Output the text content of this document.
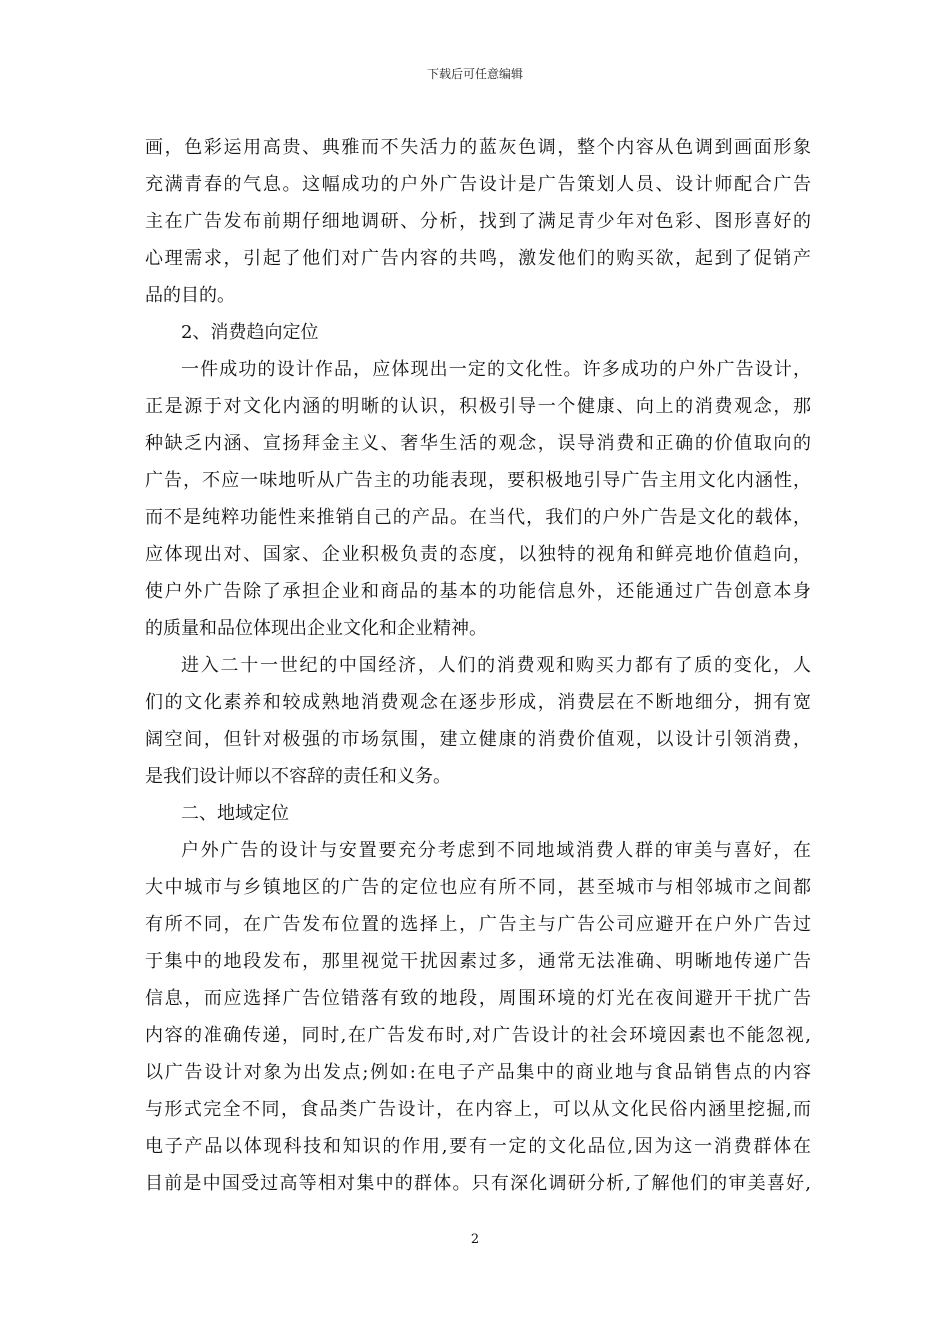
下载后可任意编辑
画，色彩运用高贵、典雅而不失活力的蓝灰色调，整个内容从色调到画面形象
充满青春的气息。这幅成功的户外广告设计是广告策划人员、设计师配合广告
主在广告发布前期仔细地调研、分析，找到了满足青少年对色彩、图形喜好的
心理需求，引起了他们对广告内容的共鸣，激发他们的购买欲，起到了促销产
品的目的。
2、消费趋向定位
一件成功的设计作品，应体现出一定的文化性。许多成功的户外广告设计，
正是源于对文化内涵的明晰的认识，积极引导一个健康、向上的消费观念，那
种缺乏内涵、宣扬拜金主义、奢华生活的观念，误导消费和正确的价值取向的
广告，不应一味地听从广告主的功能表现，要积极地引导广告主用文化内涵性，
而不是纯粹功能性来推销自己的产品。在当代，我们的户外广告是文化的载体，
应体现出对、国家、企业积极负责的态度，以独特的视角和鲜亮地价值趋向，
使户外广告除了承担企业和商品的基本的功能信息外，还能通过广告创意本身
的质量和品位体现出企业文化和企业精神。
进入二十一世纪的中国经济，人们的消费观和购买力都有了质的变化，人
们的文化素养和较成熟地消费观念在逐步形成，消费层在不断地细分，拥有宽
阔空间，但针对极强的市场氛围，建立健康的消费价值观，以设计引领消费，
是我们设计师以不容辞的责任和义务。
二、地域定位
户外广告的设计与安置要充分考虑到不同地域消费人群的审美与喜好，在
大中城市与乡镇地区的广告的定位也应有所不同，甚至城市与相邻城市之间都
有所不同，在广告发布位置的选择上，广告主与广告公司应避开在户外广告过
于集中的地段发布，那里视觉干扰因素过多，通常无法准确、明晰地传递广告
信息，而应选择广告位错落有致的地段，周围环境的灯光在夜间避开干扰广告
内容的准确传递，同时,在广告发布时,对广告设计的社会环境因素也不能忽视,
以广告设计对象为出发点;例如:在电子产品集中的商业地与食品销售点的内容
与形式完全不同，食品类广告设计，在内容上，可以从文化民俗内涵里挖掘,而
电子产品以体现科技和知识的作用,要有一定的文化品位,因为这一消费群体在
目前是中国受过高等相对集中的群体。只有深化调研分析,了解他们的审美喜好,
2
